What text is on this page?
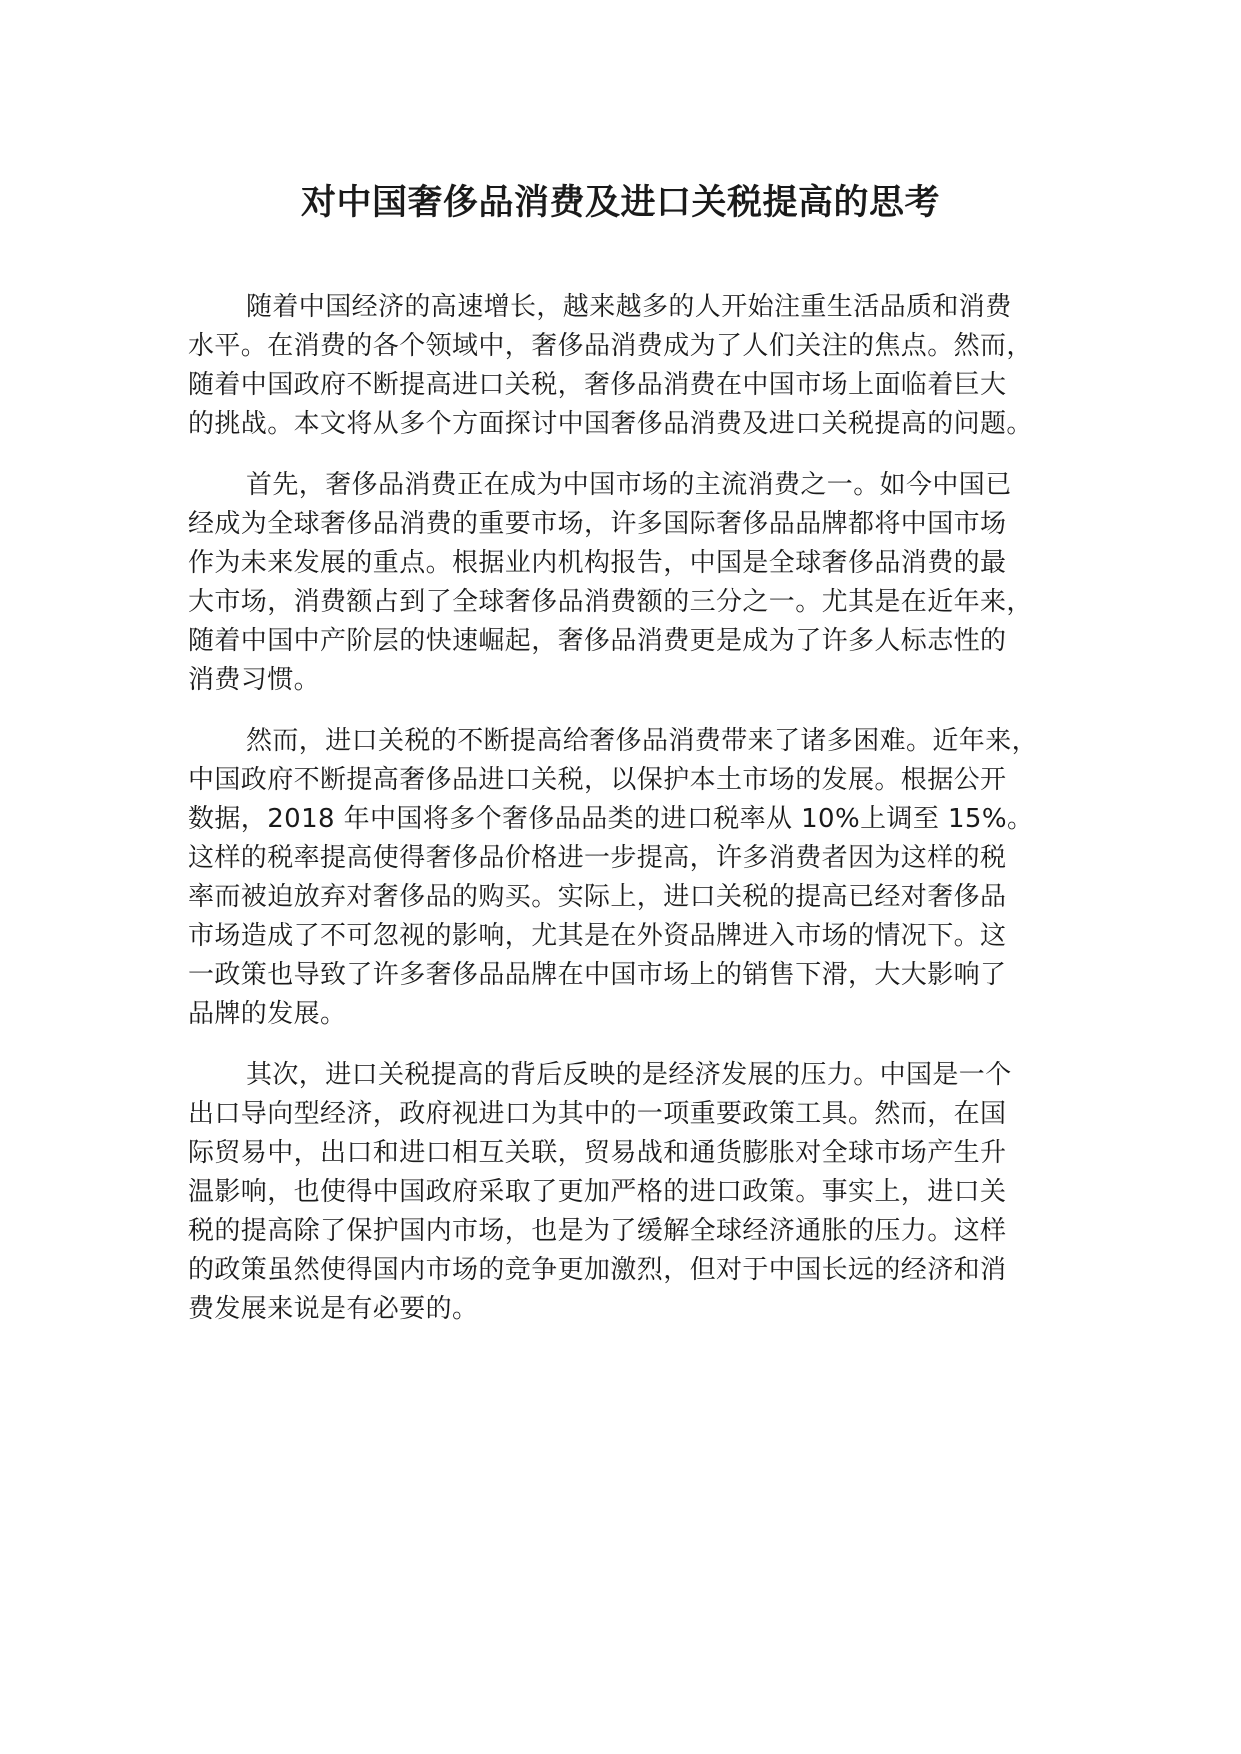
对中国奢侈品消费及进口关税提高的思考

随着中国经济的高速增长，越来越多的人开始注重生活品质和消费
水平。在消费的各个领域中，奢侈品消费成为了人们关注的焦点。然而，
随着中国政府不断提高进口关税，奢侈品消费在中国市场上面临着巨大
的挑战。本文将从多个方面探讨中国奢侈品消费及进口关税提高的问题。

首先，奢侈品消费正在成为中国市场的主流消费之一。如今中国已
经成为全球奢侈品消费的重要市场，许多国际奢侈品品牌都将中国市场
作为未来发展的重点。根据业内机构报告，中国是全球奢侈品消费的最
大市场，消费额占到了全球奢侈品消费额的三分之一。尤其是在近年来，
随着中国中产阶层的快速崛起，奢侈品消费更是成为了许多人标志性的
消费习惯。

然而，进口关税的不断提高给奢侈品消费带来了诸多困难。近年来，
中国政府不断提高奢侈品进口关税，以保护本土市场的发展。根据公开
数据，2018 年中国将多个奢侈品品类的进口税率从 10%上调至 15%。
这样的税率提高使得奢侈品价格进一步提高，许多消费者因为这样的税
率而被迫放弃对奢侈品的购买。实际上，进口关税的提高已经对奢侈品
市场造成了不可忽视的影响，尤其是在外资品牌进入市场的情况下。这
一政策也导致了许多奢侈品品牌在中国市场上的销售下滑，大大影响了
品牌的发展。

其次，进口关税提高的背后反映的是经济发展的压力。中国是一个
出口导向型经济，政府视进口为其中的一项重要政策工具。然而，在国
际贸易中，出口和进口相互关联，贸易战和通货膨胀对全球市场产生升
温影响，也使得中国政府采取了更加严格的进口政策。事实上，进口关
税的提高除了保护国内市场，也是为了缓解全球经济通胀的压力。这样
的政策虽然使得国内市场的竞争更加激烈，但对于中国长远的经济和消
费发展来说是有必要的。
